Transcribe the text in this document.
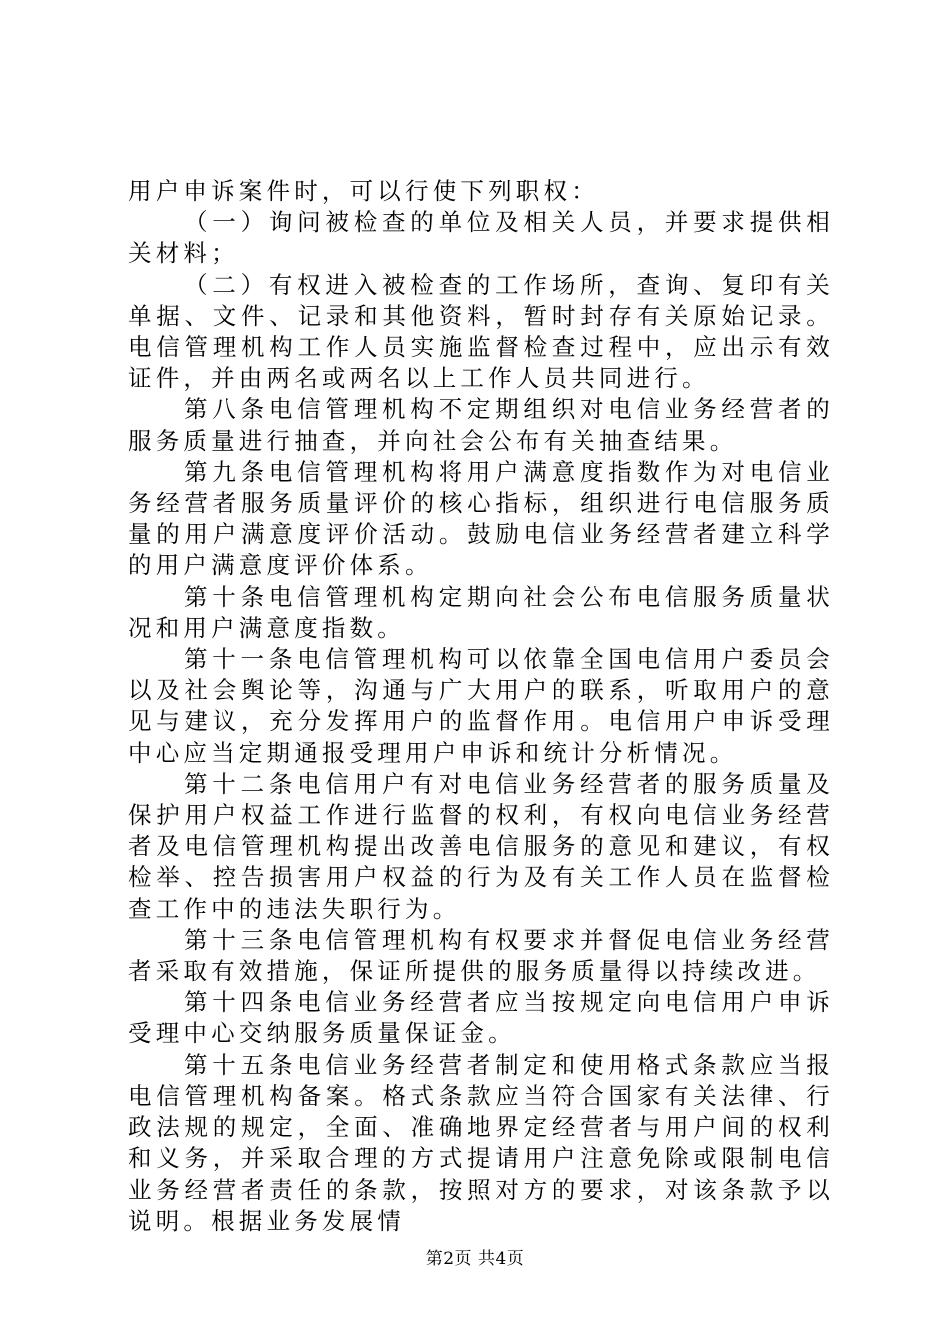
用户申诉案件时，可以行使下列职权：

（一）询问被检查的单位及相关人员，并要求提供相关材料；

（二）有权进入被检查的工作场所，查询、复印有关单据、文件、记录和其他资料，暂时封存有关原始记录。电信管理机构工作人员实施监督检查过程中，应出示有效证件，并由两名或两名以上工作人员共同进行。

第八条电信管理机构不定期组织对电信业务经营者的服务质量进行抽查，并向社会公布有关抽查结果。

第九条电信管理机构将用户满意度指数作为对电信业务经营者服务质量评价的核心指标，组织进行电信服务质量的用户满意度评价活动。鼓励电信业务经营者建立科学的用户满意度评价体系。

第十条电信管理机构定期向社会公布电信服务质量状况和用户满意度指数。

第十一条电信管理机构可以依靠全国电信用户委员会以及社会舆论等，沟通与广大用户的联系，听取用户的意见与建议，充分发挥用户的监督作用。电信用户申诉受理中心应当定期通报受理用户申诉和统计分析情况。

第十二条电信用户有对电信业务经营者的服务质量及保护用户权益工作进行监督的权利，有权向电信业务经营者及电信管理机构提出改善电信服务的意见和建议，有权检举、控告损害用户权益的行为及有关工作人员在监督检查工作中的违法失职行为。

第十三条电信管理机构有权要求并督促电信业务经营者采取有效措施，保证所提供的服务质量得以持续改进。

第十四条电信业务经营者应当按规定向电信用户申诉受理中心交纳服务质量保证金。

第十五条电信业务经营者制定和使用格式条款应当报电信管理机构备案。格式条款应当符合国家有关法律、行政法规的规定，全面、准确地界定经营者与用户间的权利和义务，并采取合理的方式提请用户注意免除或限制电信业务经营者责任的条款，按照对方的要求，对该条款予以说明。根据业务发展情

第2页 共4页
